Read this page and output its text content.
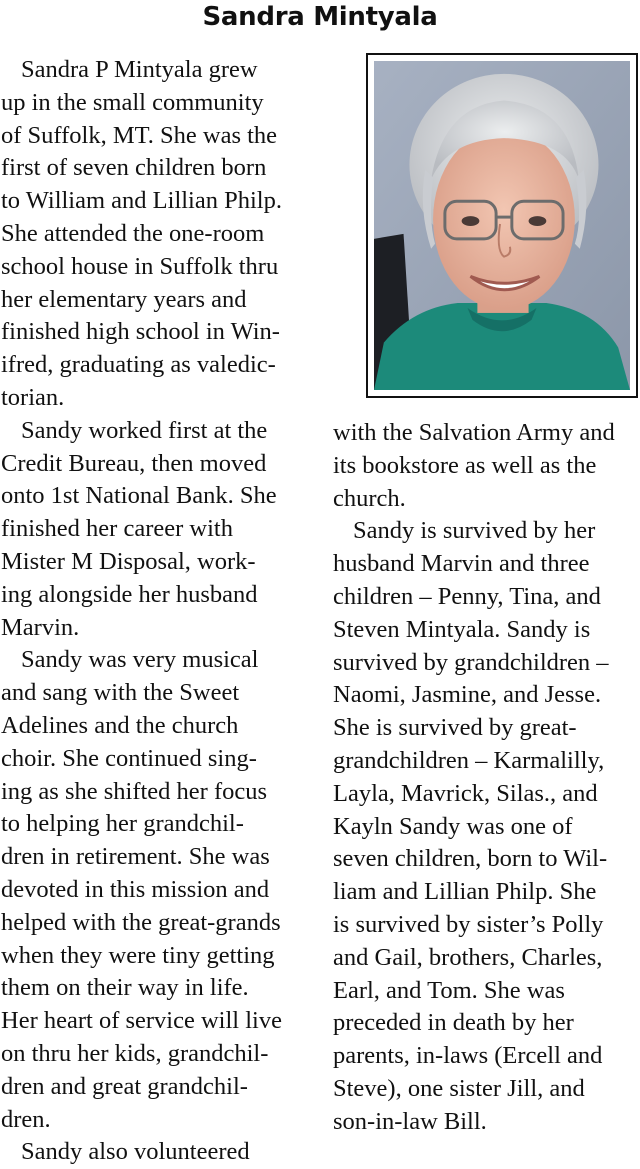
Sandra Mintyala
Sandra P Mintyala grew
up in the small community
of Suffolk, MT. She was the
first of seven children born
to William and Lillian Philp.
She attended the one-room
school house in Suffolk thru
her elementary years and
finished high school in Win-
ifred, graduating as valedic-
torian.
Sandy worked first at the
Credit Bureau, then moved
onto 1st National Bank. She
finished her career with
Mister M Disposal, work-
ing alongside her husband
Marvin.
Sandy was very musical
and sang with the Sweet
Adelines and the church
choir. She continued sing-
ing as she shifted her focus
to helping her grandchil-
dren in retirement. She was
devoted in this mission and
helped with the great-grands
when they were tiny getting
them on their way in life.
Her heart of service will live
on thru her kids, grandchil-
dren and great grandchil-
dren.
Sandy also volunteered
with the Salvation Army and
its bookstore as well as the
church.
Sandy is survived by her
husband Marvin and three
children – Penny, Tina, and
Steven Mintyala. Sandy is
survived by grandchildren –
Naomi, Jasmine, and Jesse.
She is survived by great-
grandchildren – Karmalilly,
Layla, Mavrick, Silas., and
Kayln Sandy was one of
seven children, born to Wil-
liam and Lillian Philp. She
is survived by sister’s Polly
and Gail, brothers, Charles,
Earl, and Tom. She was
preceded in death by her
parents, in-laws (Ercell and
Steve), one sister Jill, and
son-in-law Bill.
